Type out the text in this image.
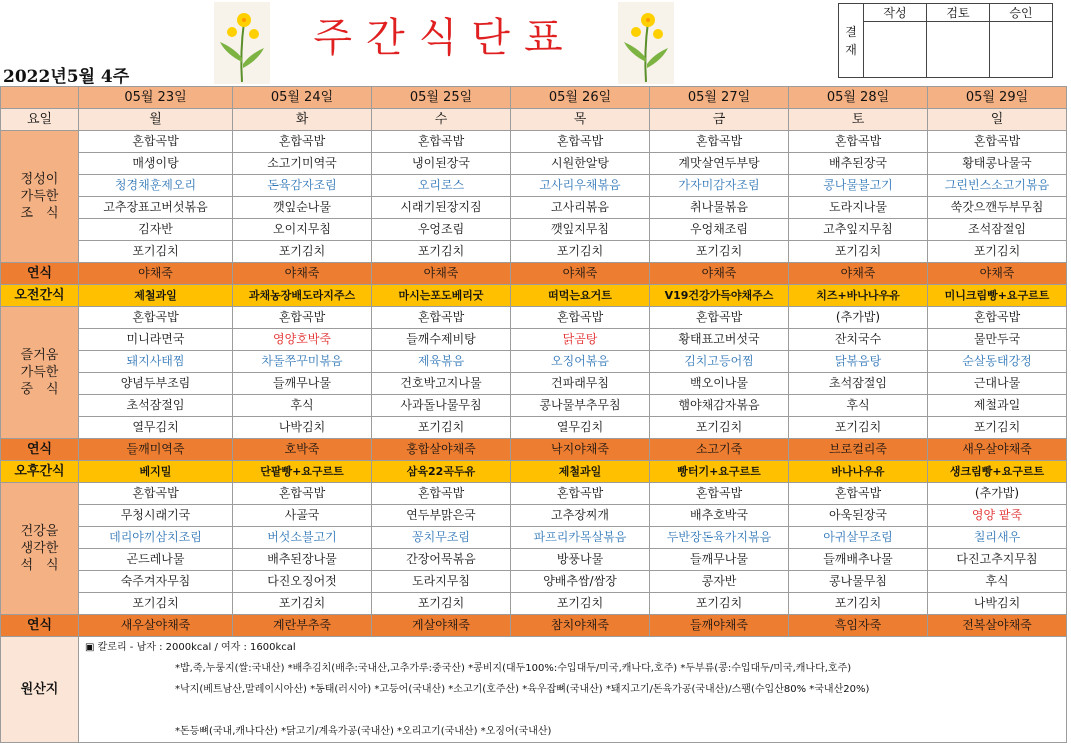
주간식단표
2022년5월 4주
결
재	작성	검토	승인

	05월 23일	05월 24일	05월 25일	05월 26일	05월 27일	05월 28일	05월 29일
요일	월	화	수	목	금	토	일
정성이
가득한
조　식	혼합곡밥	혼합곡밥	혼합곡밥	혼합곡밥	혼합곡밥	혼합곡밥	혼합곡밥
	매생이탕	소고기미역국	냉이된장국	시원한알탕	계맛살연두부탕	배추된장국	황태콩나물국
	청경채훈제오리	돈육감자조림	오리로스	고사리우채볶음	가자미감자조림	콩나물불고기	그린빈스소고기볶음
	고추장표고버섯볶음	깻잎순나물	시래기된장지짐	고사리볶음	취나물볶음	도라지나물	쑥갓으깬두부무침
	김자반	오이지무침	우엉조림	깻잎지무침	우엉채조림	고추잎지무침	조석잠절임
	포기김치	포기김치	포기김치	포기김치	포기김치	포기김치	포기김치
연식	야채죽	야채죽	야채죽	야채죽	야채죽	야채죽	야채죽
오전간식	제철과일	과채농장배도라지주스	마시는포도베리굿	떠먹는요거트	V19건강가득야채주스	치즈+바나나우유	미니크림빵+요구르트
즐거움
가득한
중　식	혼합곡밥	혼합곡밥	혼합곡밥	혼합곡밥	혼합곡밥	(추가밥)	혼합곡밥
	미니라면국	영양호박죽	들깨수제비탕	닭곰탕	황태표고버섯국	잔치국수	물만두국
	돼지사태찜	차돌쭈꾸미볶음	제육볶음	오징어볶음	김치고등어찜	닭볶음탕	순살동태강정
	양념두부조림	들깨무나물	건호박고지나물	건파래무침	백오이나물	초석잠절임	근대나물
	초석잠절임	후식	사과돌나물무침	콩나물부추무침	햄야채감자볶음	후식	제철과일
	열무김치	나박김치	포기김치	열무김치	포기김치	포기김치	포기김치
연식	들깨미역죽	호박죽	홍합살야채죽	낙지야채죽	소고기죽	브로컬리죽	새우살야채죽
오후간식	베지밀	단팥빵+요구르트	삼육22곡두유	제철과일	빵터기+요구르트	바나나우유	생크림빵+요구르트
건강을
생각한
석　식	혼합곡밥	혼합곡밥	혼합곡밥	혼합곡밥	혼합곡밥	혼합곡밥	(추가밥)
	무청시래기국	사골국	연두부맑은국	고추장찌개	배추호박국	아욱된장국	영양 팥죽
	데리야끼삼치조림	버섯소불고기	꽁치무조림	파프리카목살볶음	두반장돈육가지볶음	아귀살무조림	칠리새우
	곤드레나물	배추된장나물	간장어묵볶음	방풍나물	들깨무나물	들깨배추나물	다진고추지무침
	숙주겨자무침	다진오징어젓	도라지무침	양배추쌈/쌈장	콩자반	콩나물무침	후식
	포기김치	포기김치	포기김치	포기김치	포기김치	포기김치	나박김치
연식	새우살야채죽	계란부추죽	게살야채죽	참치야채죽	들깨야채죽	흑임자죽	전복살야채죽
원산지	▣ 칼로리 - 남자 : 2000kcal / 여자 : 1600kcal
*밥,죽,누룽지(쌀:국내산) *배추김치(배추:국내산,고추가루:중국산) *콩비지(대두100%:수입대두/미국,캐나다,호주) *두부류(콩:수입대두/미국,캐나다,호주)
*낙지(베트남산,말레이시아산) *동태(러시아) *고등어(국내산) *소고기(호주산) *육우잡뼈(국내산) *돼지고기/돈육가공(국내산)/스팸(수입산80% *국내산20%)
*돈등뼈(국내,캐나다산) *닭고기/계육가공(국내산) *오리고기(국내산) *오징어(국내산)						
